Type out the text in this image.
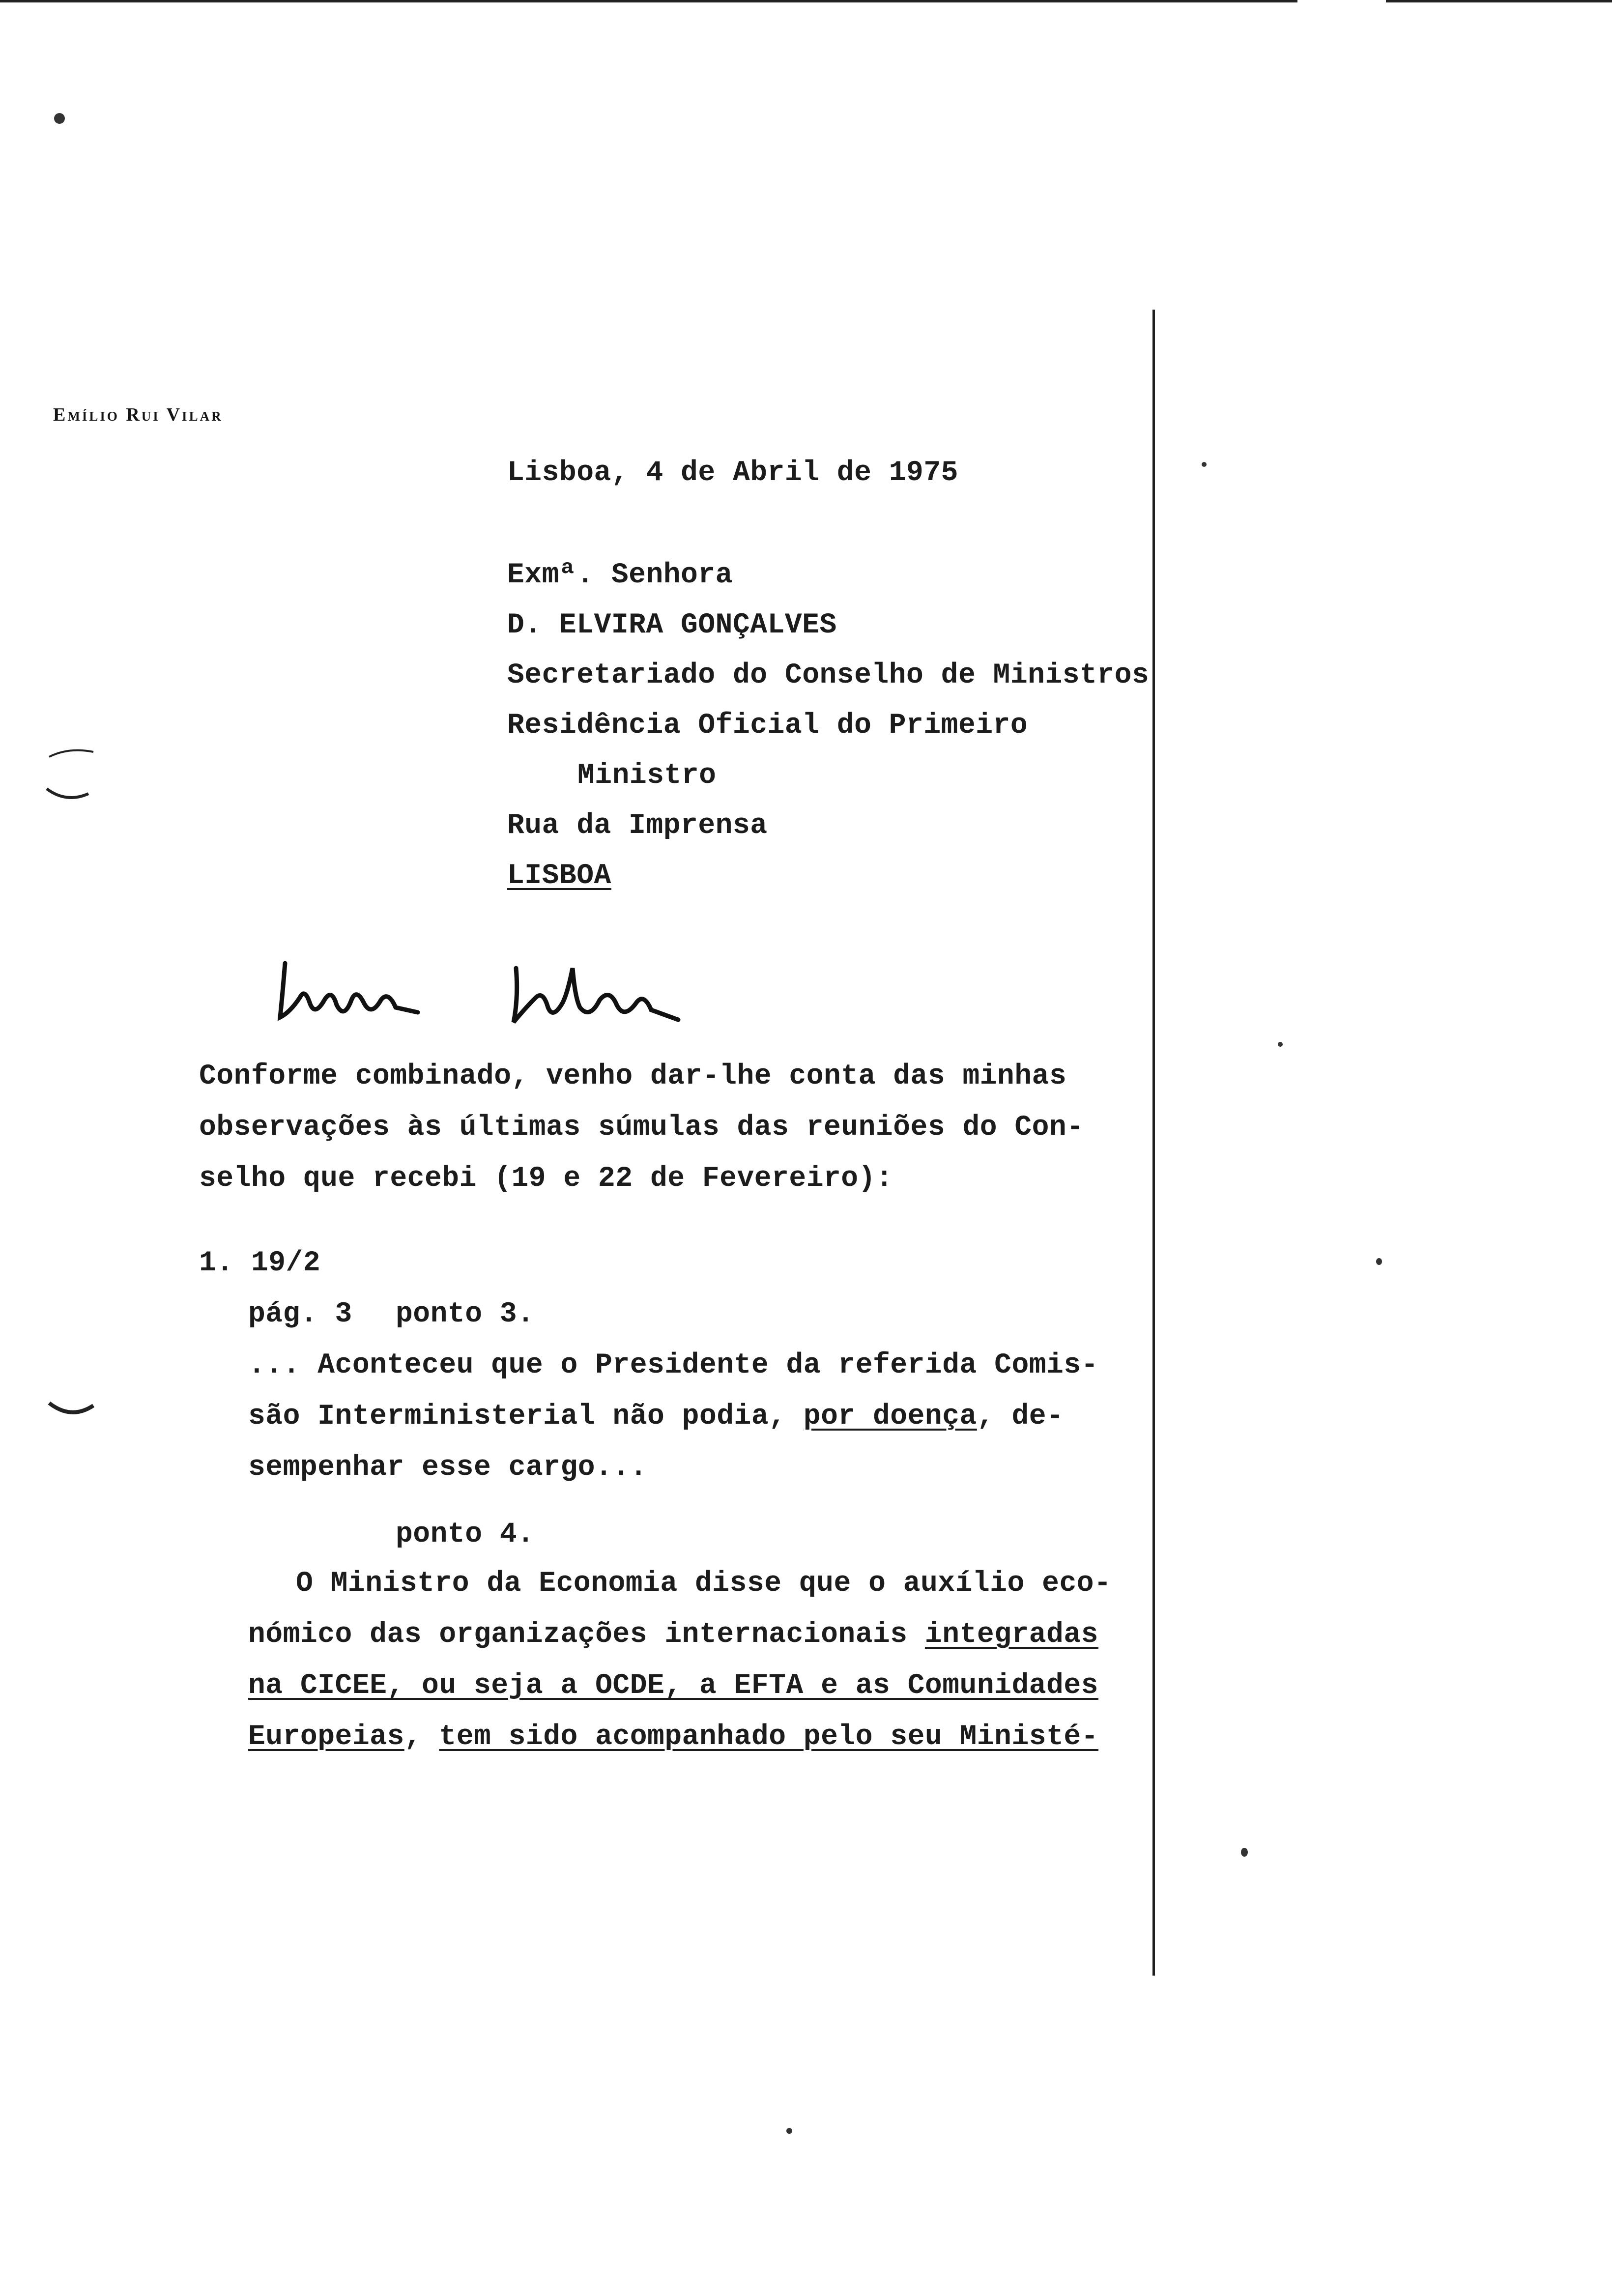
Emílio Rui Vilar
Lisboa, 4 de Abril de 1975
Exmª. Senhora
D. ELVIRA GONÇALVES
Secretariado do Conselho de Ministros
Residência Oficial do Primeiro
Ministro
Rua da Imprensa
LISBOA
Conforme combinado, venho dar-lhe conta das minhas
observações às últimas súmulas das reuniões do Con-
selho que recebi (19 e 22 de Fevereiro):
1. 19/2
pág. 3 ponto 3.
... Aconteceu que o Presidente da referida Comis-
são Interministerial não podia, por doença, de-
sempenhar esse cargo...
ponto 4.
O Ministro da Economia disse que o auxílio eco-
nómico das organizações internacionais integradas
na CICEE, ou seja a OCDE, a EFTA e as Comunidades
Europeias, tem sido acompanhado pelo seu Ministé-
